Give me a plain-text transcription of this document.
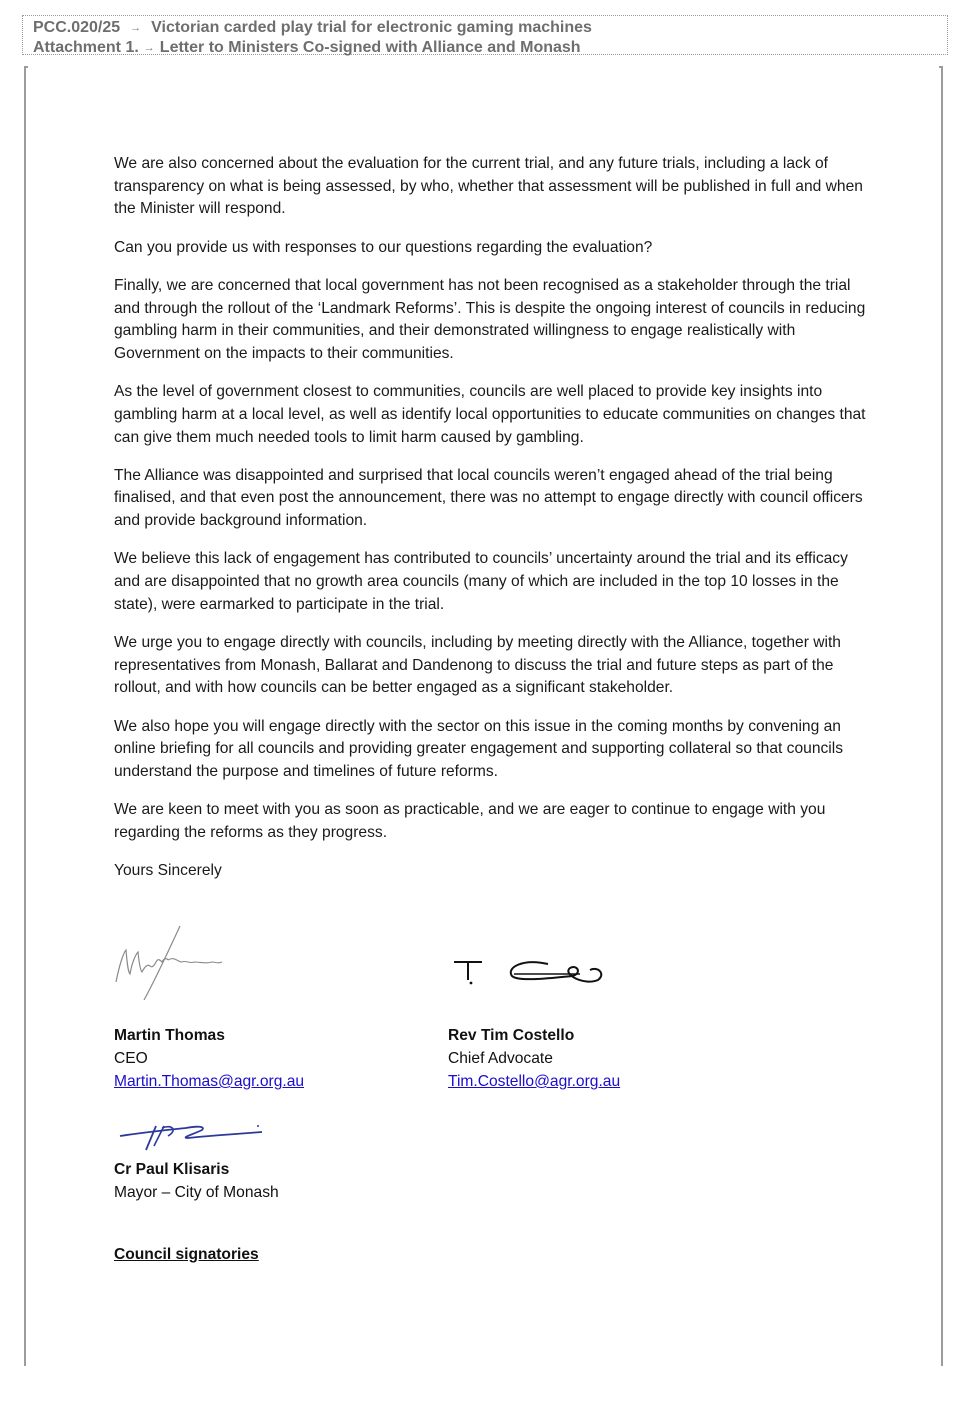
PCC.020/25 → Victorian carded play trial for electronic gaming machines
Attachment 1. → Letter to Ministers Co-signed with Alliance and Monash

We are also concerned about the evaluation for the current trial, and any future trials, including a lack of transparency on what is being assessed, by who, whether that assessment will be published in full and when the Minister will respond.

Can you provide us with responses to our questions regarding the evaluation?

Finally, we are concerned that local government has not been recognised as a stakeholder through the trial and through the rollout of the ‘Landmark Reforms’. This is despite the ongoing interest of councils in reducing gambling harm in their communities, and their demonstrated willingness to engage realistically with Government on the impacts to their communities.

As the level of government closest to communities, councils are well placed to provide key insights into gambling harm at a local level, as well as identify local opportunities to educate communities on changes that can give them much needed tools to limit harm caused by gambling.

The Alliance was disappointed and surprised that local councils weren’t engaged ahead of the trial being finalised, and that even post the announcement, there was no attempt to engage directly with council officers and provide background information.

We believe this lack of engagement has contributed to councils’ uncertainty around the trial and its efficacy and are disappointed that no growth area councils (many of which are included in the top 10 losses in the state), were earmarked to participate in the trial.

We urge you to engage directly with councils, including by meeting directly with the Alliance, together with representatives from Monash, Ballarat and Dandenong to discuss the trial and future steps as part of the rollout, and with how councils can be better engaged as a significant stakeholder.

We also hope you will engage directly with the sector on this issue in the coming months by convening an online briefing for all councils and providing greater engagement and supporting collateral so that councils understand the purpose and timelines of future reforms.

We are keen to meet with you as soon as practicable, and we are eager to continue to engage with you regarding the reforms as they progress.

Yours Sincerely

Martin Thomas
CEO
Martin.Thomas@agr.org.au
Rev Tim Costello
Chief Advocate
Tim.Costello@agr.org.au
Cr Paul Klisaris
Mayor – City of Monash
Council signatories
